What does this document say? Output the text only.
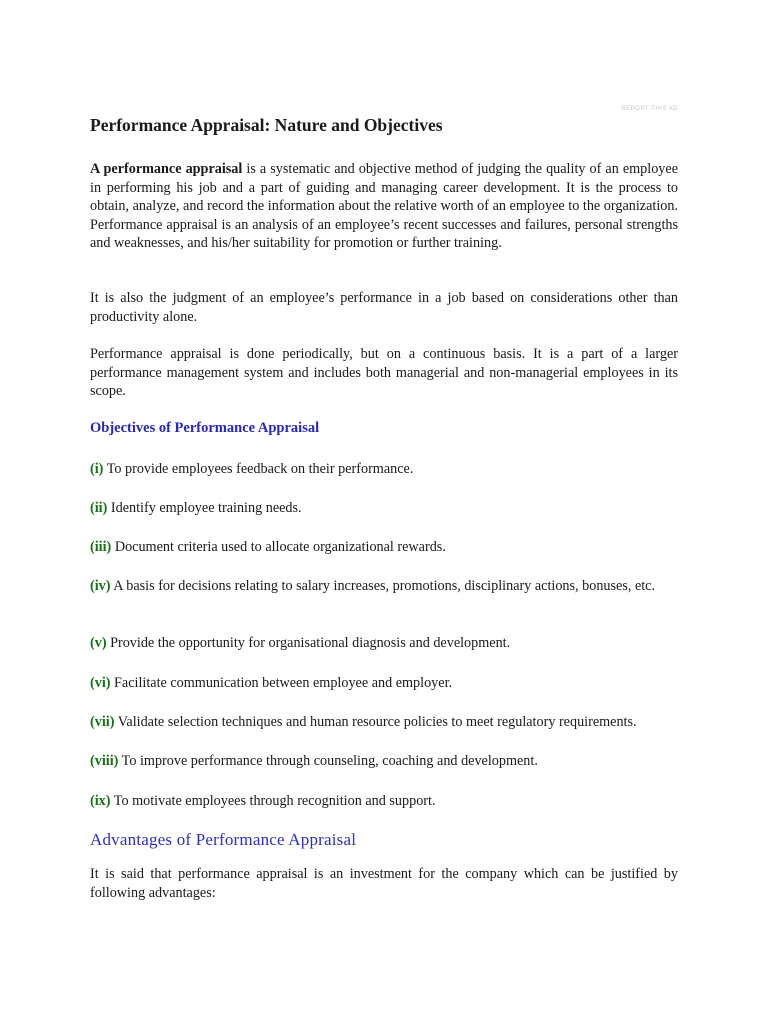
REPORT THIS AD
Performance Appraisal: Nature and Objectives

A performance appraisal is a systematic and objective method of judging the quality of an employee in performing his job and a part of guiding and managing career development. It is the process to obtain, analyze, and record the information about the relative worth of an employee to the organization. Performance appraisal is an analysis of an employee’s recent successes and failures, personal strengths and weaknesses, and his/her suitability for promotion or further training.

It is also the judgment of an employee’s performance in a job based on considerations other than productivity alone.

Performance appraisal is done periodically, but on a continuous basis. It is a part of a larger performance management system and includes both managerial and non-managerial employees in its scope.

Objectives of Performance Appraisal

(i) To provide employees feedback on their performance.

(ii) Identify employee training needs.

(iii) Document criteria used to allocate organizational rewards.

(iv) A basis for decisions relating to salary increases, promotions, disciplinary actions, bonuses, etc.

(v) Provide the opportunity for organisational diagnosis and development.

(vi) Facilitate communication between employee and employer.

(vii) Validate selection techniques and human resource policies to meet regulatory requirements.

(viii) To improve performance through counseling, coaching and development.

(ix) To motivate employees through recognition and support.

Advantages of Performance Appraisal

It is said that performance appraisal is an investment for the company which can be justified by following advantages:
